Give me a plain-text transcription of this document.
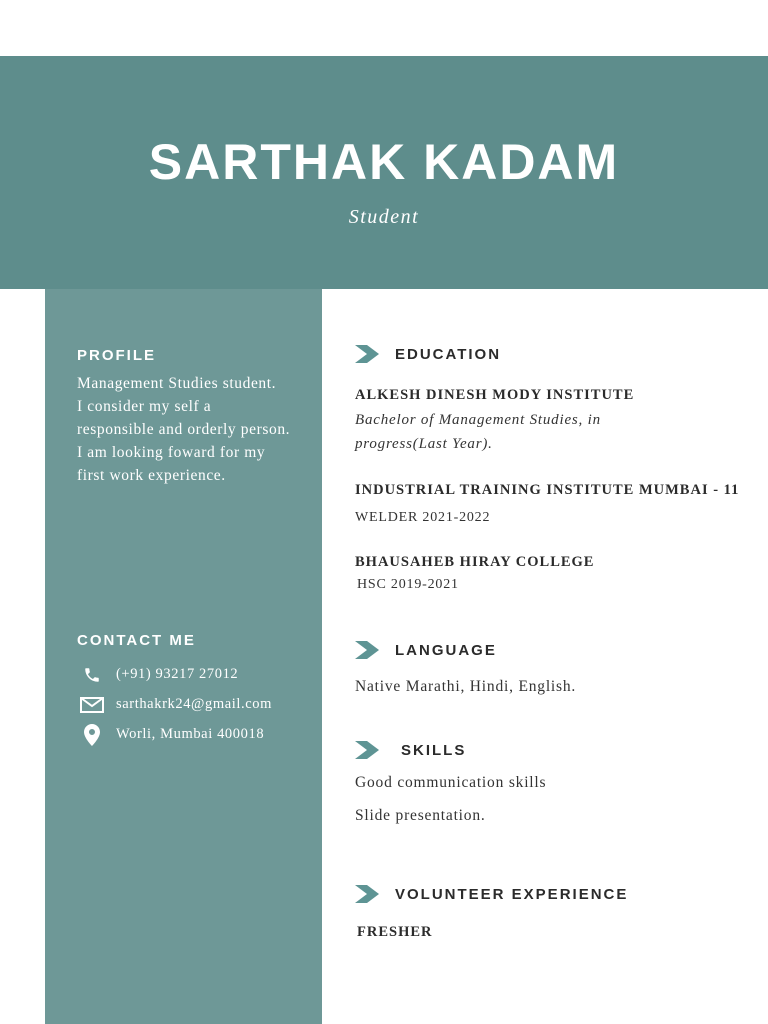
SARTHAK KADAM
Student
PROFILE
Management Studies student.
I consider my self a responsible and orderly person.
I am looking foward for my first work experience.
CONTACT ME
(+91) 93217 27012
sarthakrk24@gmail.com
Worli, Mumbai 400018
EDUCATION
ALKESH DINESH MODY INSTITUTE
Bachelor of Management Studies, in progress(Last Year).
INDUSTRIAL TRAINING INSTITUTE MUMBAI - 11
WELDER 2021-2022
BHAUSAHEB HIRAY COLLEGE
HSC 2019-2021
LANGUAGE
Native Marathi, Hindi, English.
SKILLS
Good communication skills
Slide presentation.
VOLUNTEER EXPERIENCE
FRESHER
